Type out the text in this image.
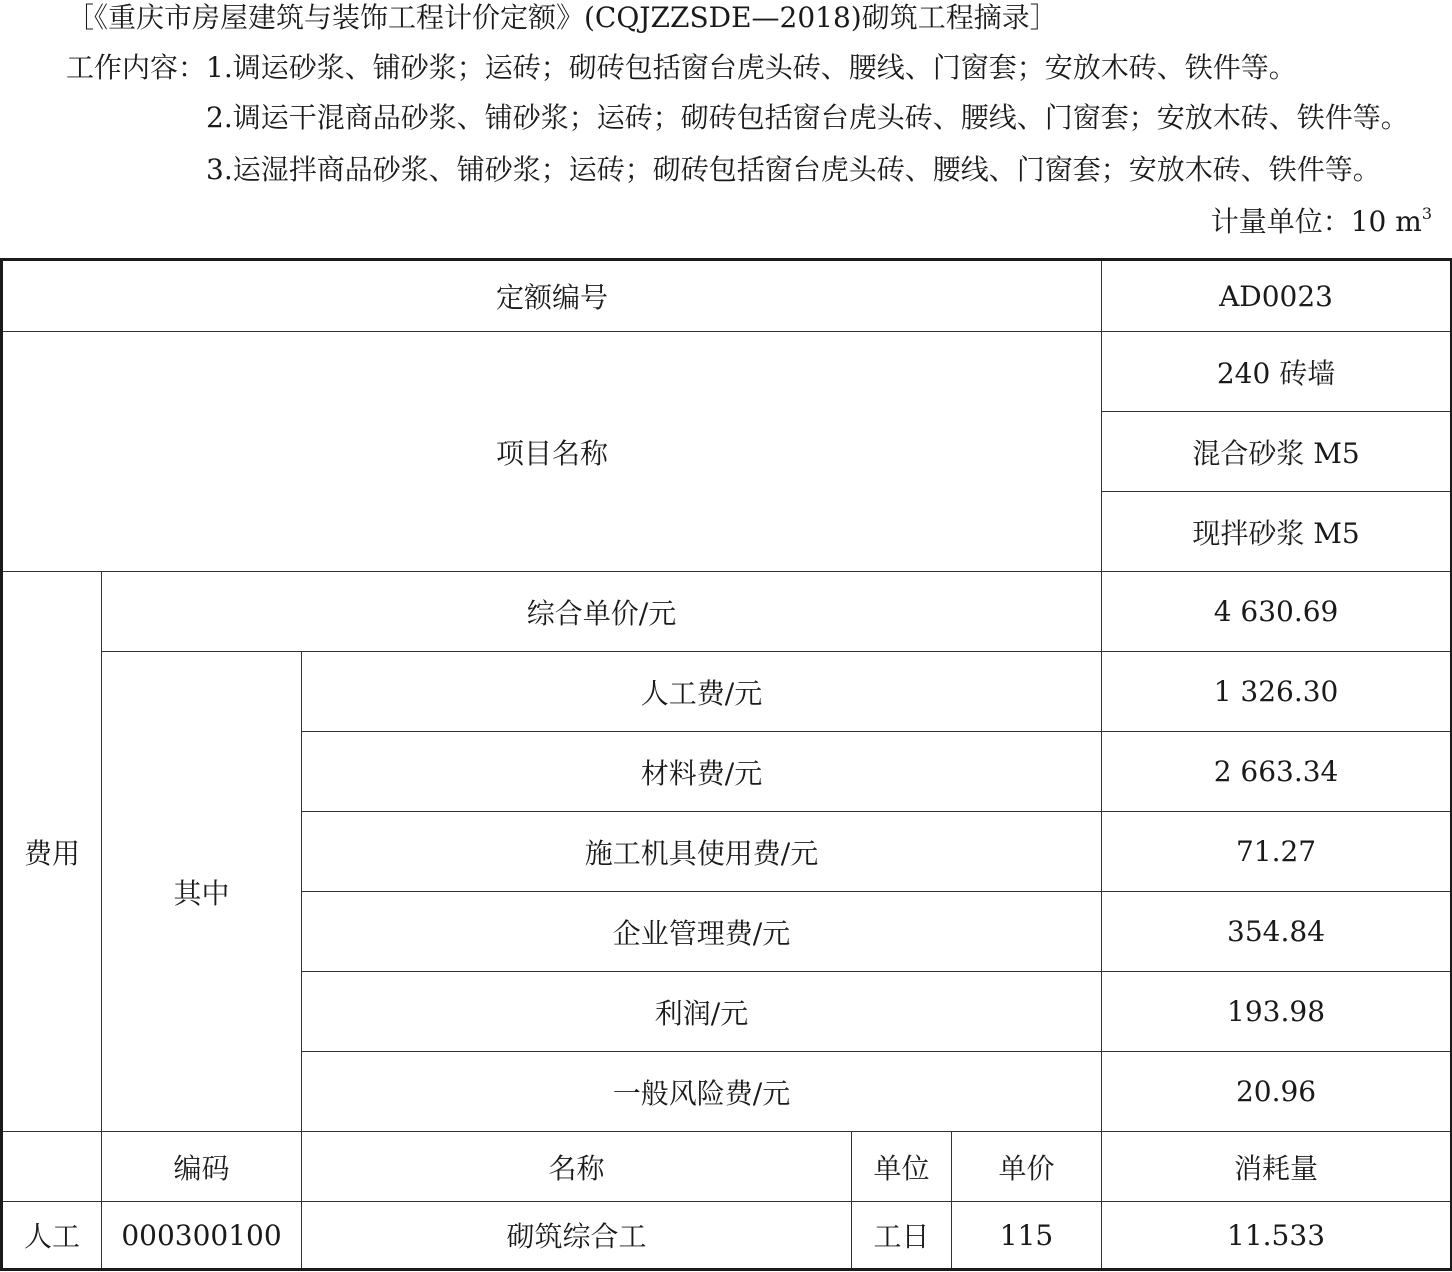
［《重庆市房屋建筑与装饰工程计价定额》(CQJZZSDE—2018)砌筑工程摘录］
工作内容：1.调运砂浆、铺砂浆；运砖；砌砖包括窗台虎头砖、腰线、门窗套；安放木砖、铁件等。
2.调运干混商品砂浆、铺砂浆；运砖；砌砖包括窗台虎头砖、腰线、门窗套；安放木砖、铁件等。
3.运湿拌商品砂浆、铺砂浆；运砖；砌砖包括窗台虎头砖、腰线、门窗套；安放木砖、铁件等。
计量单位：10 $m^3$
定额编号					AD0023
项目名称					240 砖墙
					混合砂浆 M5
					现拌砂浆 M5
费用	综合单价/元				4 630.69
	其中	人工费/元			1 326.30
		材料费/元			2 663.34
		施工机具使用费/元			71.27
		企业管理费/元			354.84
		利润/元			193.98
		一般风险费/元			20.96
	编码	名称	单位	单价	消耗量
人工	000300100	砌筑综合工	工日	115	11.533
